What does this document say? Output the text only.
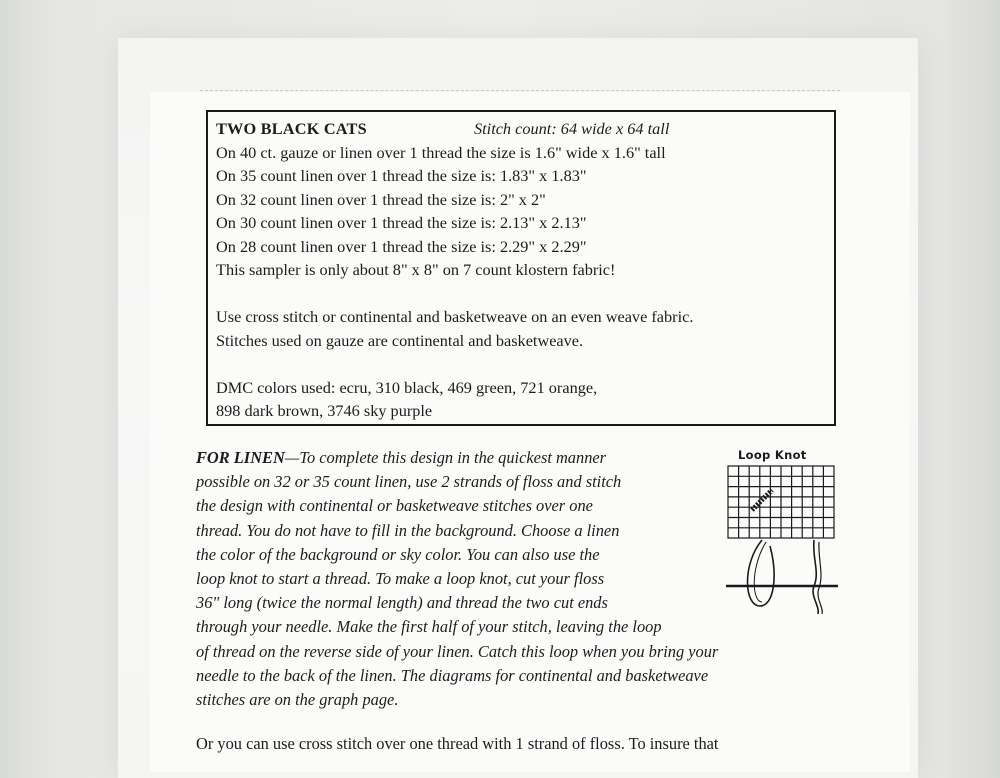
TWO BLACK CATS	Stitch count: 64 wide x 64 tall
On 40 ct. gauze or linen over 1 thread the size is 1.6" wide x 1.6" tall
On 35 count linen over 1 thread the size is: 1.83" x 1.83"
On 32 count linen over 1 thread the size is: 2" x 2"
On 30 count linen over 1 thread the size is: 2.13" x 2.13"
On 28 count linen over 1 thread the size is: 2.29" x 2.29"
This sampler is only about 8" x 8" on 7 count klostern fabric!
Use cross stitch or continental and basketweave on an even weave fabric.
Stitches used on gauze are continental and basketweave.
DMC colors used: ecru, 310 black, 469 green, 721 orange,
898 dark brown, 3746 sky purple
FOR LINEN—To complete this design in the quickest manner
possible on 32 or 35 count linen, use 2 strands of floss and stitch
the design with continental or basketweave stitches over one
thread. You do not have to fill in the background. Choose a linen
the color of the background or sky color. You can also use the
loop knot to start a thread. To make a loop knot, cut your floss
36" long (twice the normal length) and thread the two cut ends
through your needle. Make the first half of your stitch, leaving the loop
of thread on the reverse side of your linen. Catch this loop when you bring your
needle to the back of the linen. The diagrams for continental and basketweave
stitches are on the graph page.
Or you can use cross stitch over one thread with 1 strand of floss. To insure that
Loop Knot
